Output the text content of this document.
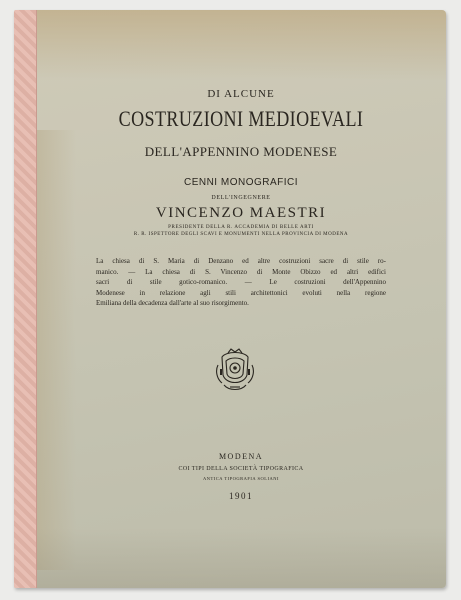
DI ALCUNE
COSTRUZIONI MEDIOEVALI
DELL'APPENNINO MODENESE
CENNI MONOGRAFICI
DELL'INGEGNERE
VINCENZO MAESTRI
PRESIDENTE DELLA R. ACCADEMIA DI BELLE ARTI
R. R. ISPETTORE DEGLI SCAVI E MONUMENTI NELLA PROVINCIA DI MODENA
La chiesa di S. Maria di Denzano ed altre costruzioni sacre di stile ro-
manico. — La chiesa di S. Vincenzo di Monte Obizzo ed altri edifici
sacri di stile gotico-romanico. — Le costruzioni dell'Appennino
Modenese in relazione agli stili architettonici evoluti nella regione
Emiliana della decadenza dall'arte al suo risorgimento.
MODENA
COI TIPI DELLA SOCIETÀ TIPOGRAFICA
ANTICA TIPOGRAFIA SOLIANI
1901
